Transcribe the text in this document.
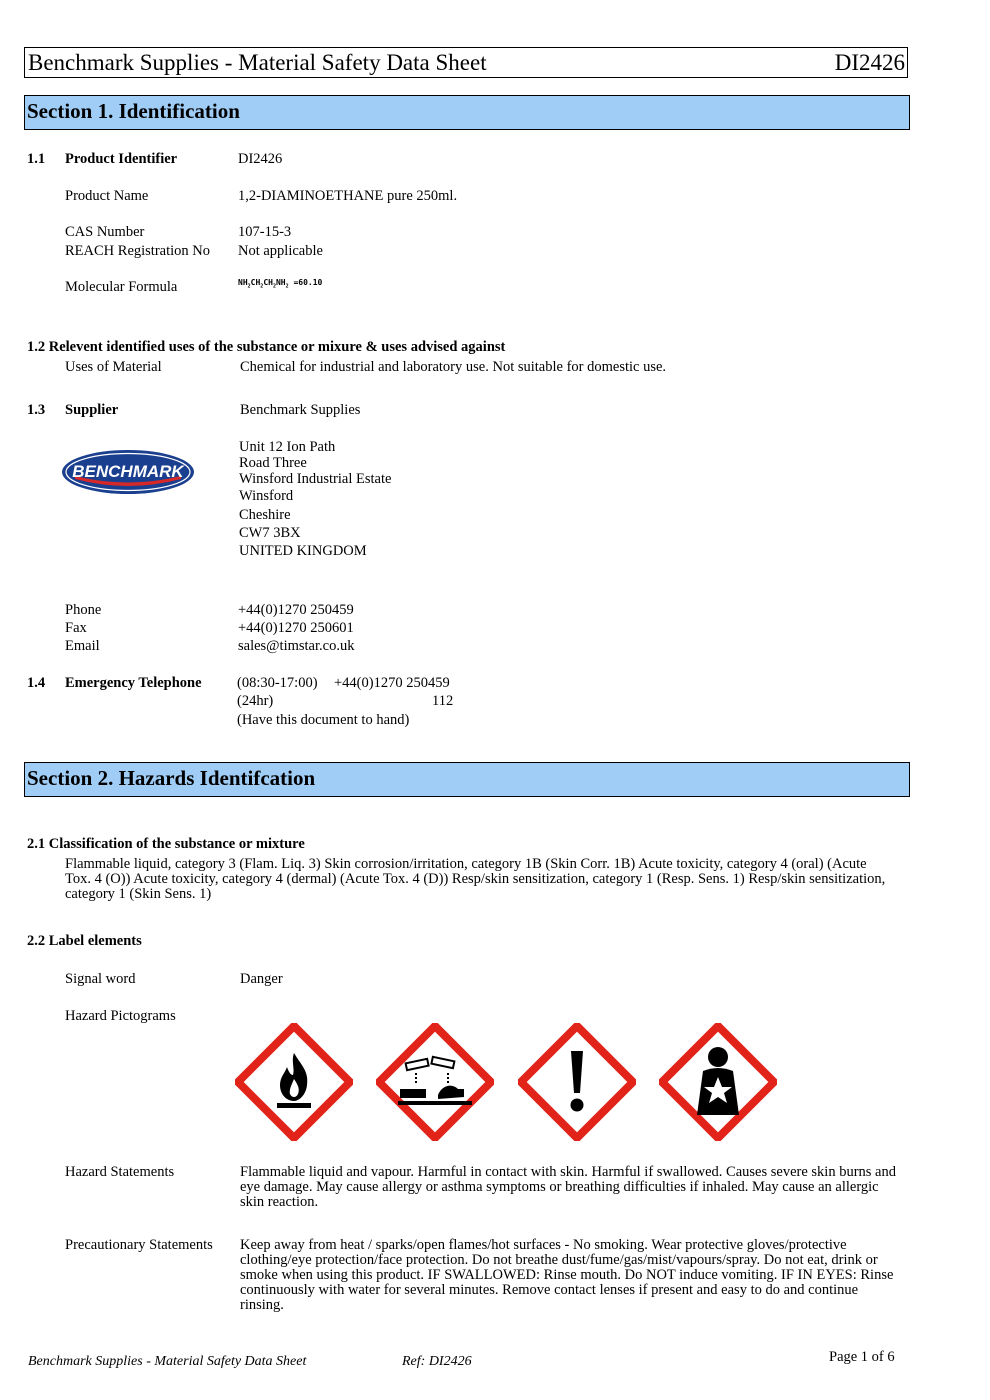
Benchmark Supplies - Material Safety Data Sheet	DI2426
Section 1. Identification
1.1 Product Identifier	DI2426
Product Name	1,2-DIAMINOETHANE pure 250ml.
CAS Number	107-15-3
REACH Registration No Not applicable
Molecular Formula	$NH_2CH_2CH_2NH_2 =60.10$
1.2 Relevent identified uses of the substance or mixure & uses advised against
Uses of Material	Chemical for industrial and laboratory use. Not suitable for domestic use.
1.3 Supplier	Benchmark Supplies
BENCHMARK
Unit 12 Ion Path
Road Three
Winsford Industrial Estate
Winsford
Cheshire
CW7 3BX
UNITED KINGDOM
Phone	+44(0)1270 250459
Fax	+44(0)1270 250601
Email	sales@timstar.co.uk
1.4 Emergency Telephone (08:30-17:00) +44(0)1270 250459
(24hr)	112
(Have this document to hand)
Section 2. Hazards Identifcation
2.1 Classification of the substance or mixture
Flammable liquid, category 3 (Flam. Liq. 3) Skin corrosion/irritation, category 1B (Skin Corr. 1B) Acute toxicity, category 4 (oral) (Acute
Tox. 4 (O)) Acute toxicity, category 4 (dermal) (Acute Tox. 4 (D)) Resp/skin sensitization, category 1 (Resp. Sens. 1) Resp/skin sensitization,
category 1 (Skin Sens. 1)
2.2 Label elements
Signal word	Danger
Hazard Pictograms
Hazard Statements	Flammable liquid and vapour. Harmful in contact with skin. Harmful if swallowed. Causes severe skin burns and
eye damage. May cause allergy or asthma symptoms or breathing difficulties if inhaled. May cause an allergic
skin reaction.
Precautionary Statements Keep away from heat / sparks/open flames/hot surfaces - No smoking. Wear protective gloves/protective
clothing/eye protection/face protection. Do not breathe dust/fume/gas/mist/vapours/spray. Do not eat, drink or
smoke when using this product. IF SWALLOWED: Rinse mouth. Do NOT induce vomiting. IF IN EYES: Rinse
continuously with water for several minutes. Remove contact lenses if present and easy to do and continue
rinsing.
Benchmark Supplies - Material Safety Data Sheet	Ref: DI2426	Page 1 of 6
